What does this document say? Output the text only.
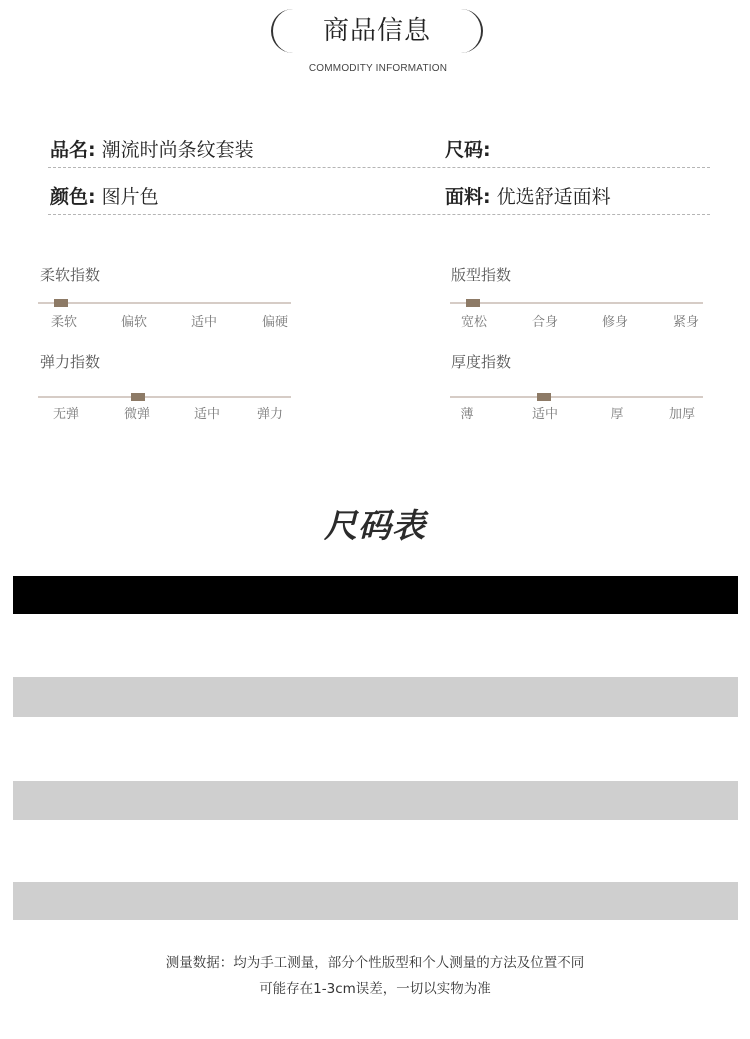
商品信息
COMMODITY INFORMATION
品名: 潮流时尚条纹套装	尺码:
颜色: 图片色	面料: 优选舒适面料
柔软指数
柔软	偏软	适中	偏硬
版型指数
宽松	合身	修身	紧身
弹力指数
无弹	微弹	适中	弹力
厚度指数
薄	适中	厚	加厚
尺码表
测量数据：均为手工测量，部分个性版型和个人测量的方法及位置不同
可能存在1-3cm误差，一切以实物为准
